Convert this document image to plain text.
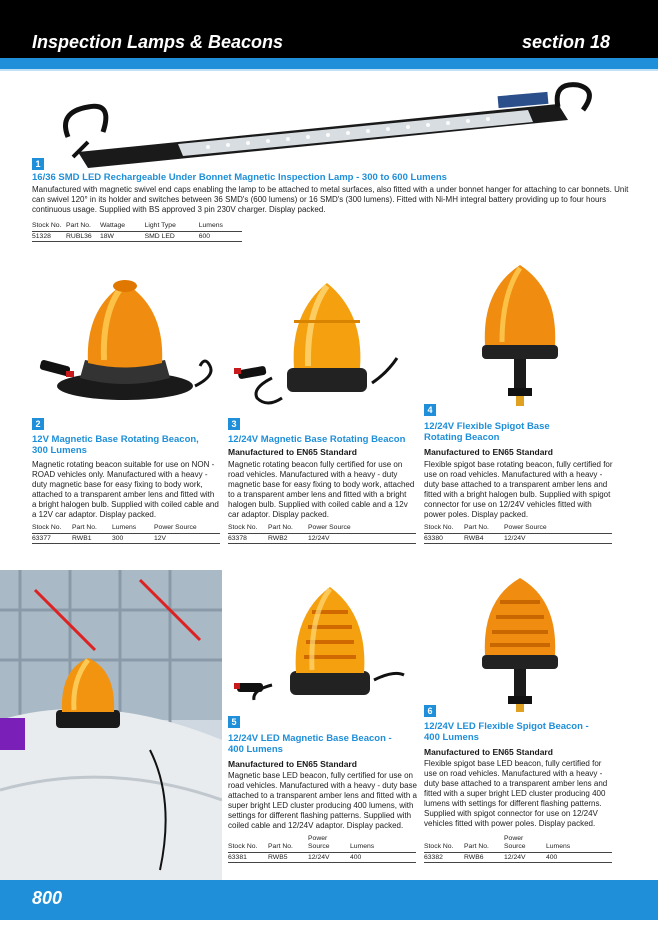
Inspection Lamps & Beacons	section 18
1
16/36 SMD LED Rechargeable Under Bonnet Magnetic Inspection Lamp - 300 to 600 Lumens
Manufactured with magnetic swivel end caps enabling the lamp to be attached to metal surfaces, also fitted with a under bonnet hanger for attaching to car bonnets. Unit can swivel 120° in its holder and switches between 36 SMD's (600 lumens) or 16 SMD's (300 lumens). Fitted with Ni-MH integral battery providing up to four hours continuous usage. Supplied with BS approved 3 pin 230V charger. Display packed.
Stock No.	Part No.	Wattage	Light Type	Lumens
51328	RUBL36	18W	SMD LED	600
2
12V Magnetic Base Rotating Beacon, 300 Lumens
Magnetic rotating beacon suitable for use on NON - ROAD vehicles only. Manufactured with a heavy - duty magnetic base for easy fixing to body work, attached to a transparent amber lens and fitted with a bright halogen bulb. Supplied with coiled cable and a 12V car adaptor. Display packed.
Stock No.	Part No.	Lumens	Power Source
63377	RWB1	300	12V
3
12/24V Magnetic Base Rotating Beacon
Manufactured to EN65 Standard
Magnetic rotating beacon fully certified for use on road vehicles. Manufactured with a heavy - duty magnetic base for easy fixing to body work, attached to a transparent amber lens and fitted with a bright halogen bulb. Supplied with coiled cable and a 12v car adaptor. Display packed.
Stock No.	Part No.	Power Source
63378	RWB2	12/24V
4
12/24V Flexible Spigot Base Rotating Beacon
Manufactured to EN65 Standard
Flexible spigot base rotating beacon, fully certified for use on road vehicles. Manufactured with a heavy - duty base attached to a transparent amber lens and fitted with a bright halogen bulb. Supplied with spigot connector for use on 12/24V vehicles fitted with power poles. Display packed.
Stock No.	Part No.	Power Source
63380	RWB4	12/24V
5
12/24V LED Magnetic Base Beacon - 400 Lumens
Manufactured to EN65 Standard
Magnetic base LED beacon, fully certified for use on road vehicles. Manufactured with a heavy - duty base attached to a transparent amber lens and fitted with a super bright LED cluster producing 400 lumens, with settings for different flashing patterns. Supplied with coiled cable and 12/24V adaptor. Display packed.
Stock No.	Part No.	Power Source	Lumens
63381	RWB5	12/24V	400
6
12/24V LED Flexible Spigot Beacon - 400 Lumens
Manufactured to EN65 Standard
Flexible spigot base LED beacon, fully certified for use on road vehicles. Manufactured with a heavy - duty base attached to a transparent amber lens and fitted with a super bright LED cluster producing 400 lumens with settings for different flashing patterns. Supplied with spigot connector for use on 12/24V vehicles fitted with power poles. Display packed.
Stock No.	Part No.	Power Source	Lumens
63382	RWB6	12/24V	400
800
